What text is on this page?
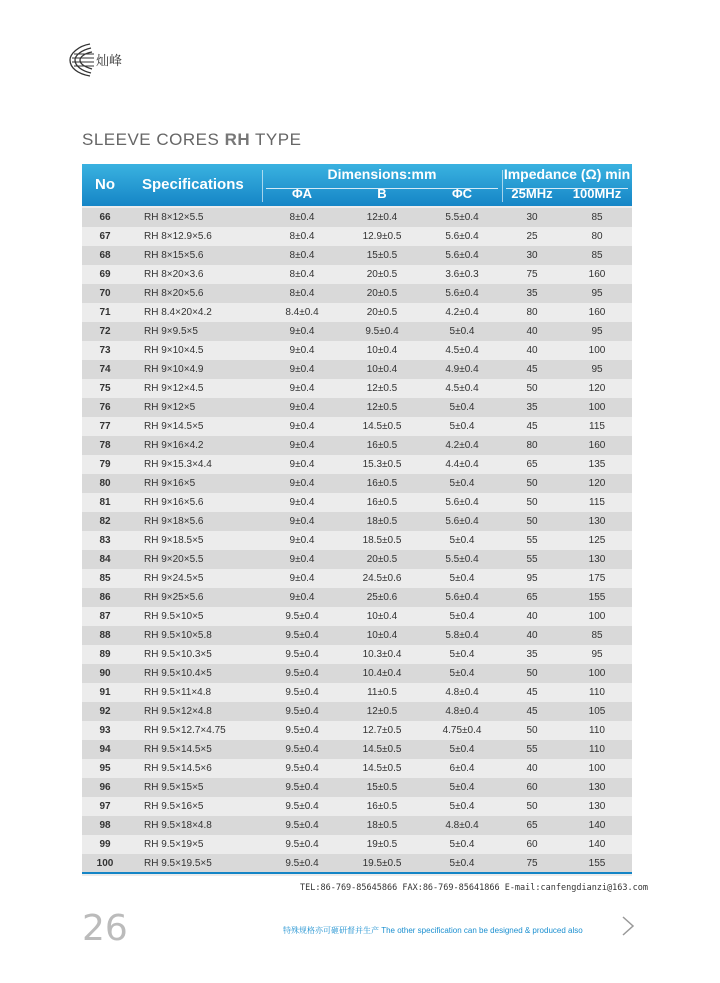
灿峰
SLEEVE CORES RH TYPE
No	Specifications
Dimensions:mm	Impedance (Ω) min
ΦA	B	ΦC	25MHz	100MHz
66	RH 8×12×5.5	8±0.4	12±0.4	5.5±0.4	30	85
67	RH 8×12.9×5.6	8±0.4	12.9±0.5	5.6±0.4	25	80
68	RH 8×15×5.6	8±0.4	15±0.5	5.6±0.4	30	85
69	RH 8×20×3.6	8±0.4	20±0.5	3.6±0.3	75	160
70	RH 8×20×5.6	8±0.4	20±0.5	5.6±0.4	35	95
71	RH 8.4×20×4.2	8.4±0.4	20±0.5	4.2±0.4	80	160
72	RH 9×9.5×5	9±0.4	9.5±0.4	5±0.4	40	95
73	RH 9×10×4.5	9±0.4	10±0.4	4.5±0.4	40	100
74	RH 9×10×4.9	9±0.4	10±0.4	4.9±0.4	45	95
75	RH 9×12×4.5	9±0.4	12±0.5	4.5±0.4	50	120
76	RH 9×12×5	9±0.4	12±0.5	5±0.4	35	100
77	RH 9×14.5×5	9±0.4	14.5±0.5	5±0.4	45	115
78	RH 9×16×4.2	9±0.4	16±0.5	4.2±0.4	80	160
79	RH 9×15.3×4.4	9±0.4	15.3±0.5	4.4±0.4	65	135
80	RH 9×16×5	9±0.4	16±0.5	5±0.4	50	120
81	RH 9×16×5.6	9±0.4	16±0.5	5.6±0.4	50	115
82	RH 9×18×5.6	9±0.4	18±0.5	5.6±0.4	50	130
83	RH 9×18.5×5	9±0.4	18.5±0.5	5±0.4	55	125
84	RH 9×20×5.5	9±0.4	20±0.5	5.5±0.4	55	130
85	RH 9×24.5×5	9±0.4	24.5±0.6	5±0.4	95	175
86	RH 9×25×5.6	9±0.4	25±0.6	5.6±0.4	65	155
87	RH 9.5×10×5	9.5±0.4	10±0.4	5±0.4	40	100
88	RH 9.5×10×5.8	9.5±0.4	10±0.4	5.8±0.4	40	85
89	RH 9.5×10.3×5	9.5±0.4	10.3±0.4	5±0.4	35	95
90	RH 9.5×10.4×5	9.5±0.4	10.4±0.4	5±0.4	50	100
91	RH 9.5×11×4.8	9.5±0.4	11±0.5	4.8±0.4	45	110
92	RH 9.5×12×4.8	9.5±0.4	12±0.5	4.8±0.4	45	105
93	RH 9.5×12.7×4.75	9.5±0.4	12.7±0.5	4.75±0.4	50	110
94	RH 9.5×14.5×5	9.5±0.4	14.5±0.5	5±0.4	55	110
95	RH 9.5×14.5×6	9.5±0.4	14.5±0.5	6±0.4	40	100
96	RH 9.5×15×5	9.5±0.4	15±0.5	5±0.4	60	130
97	RH 9.5×16×5	9.5±0.4	16±0.5	5±0.4	50	130
98	RH 9.5×18×4.8	9.5±0.4	18±0.5	4.8±0.4	65	140
99	RH 9.5×19×5	9.5±0.4	19±0.5	5±0.4	60	140
100	RH 9.5×19.5×5	9.5±0.4	19.5±0.5	5±0.4	75	155
TEL:86-769-85645866 FAX:86-769-85641866 E-mail:canfengdianzi@163.com
26	特殊规格亦可砸研督并生产 The other specification can be designed & produced also
